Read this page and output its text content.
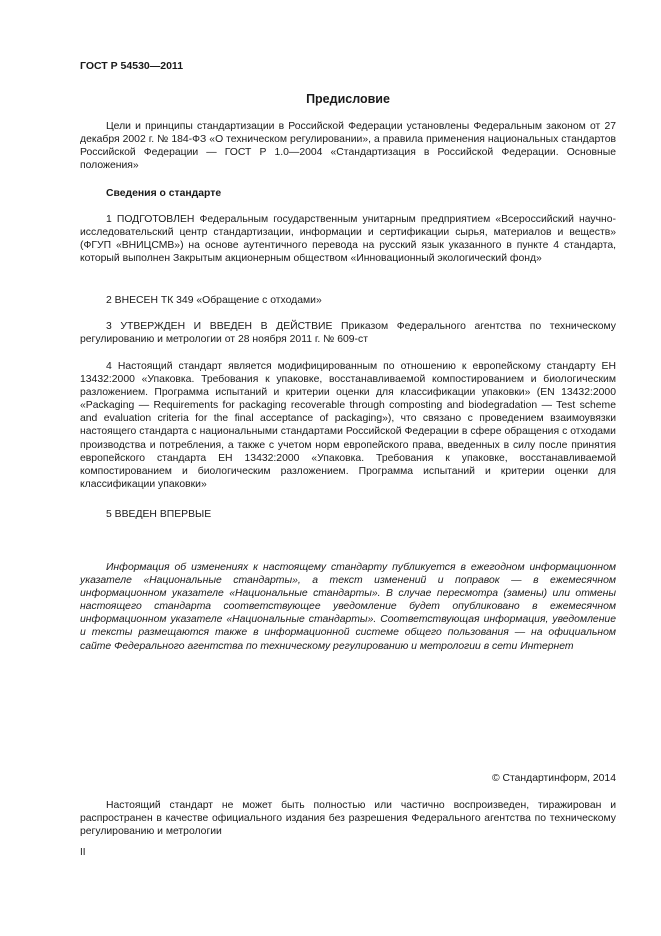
ГОСТ Р 54530—2011
Предисловие

Цели и принципы стандартизации в Российской Федерации установлены Федеральным законом от 27 декабря 2002 г. № 184-ФЗ «О техническом регулировании», а правила применения национальных стандартов Российской Федерации — ГОСТ Р 1.0—2004 «Стандартизация в Российской Федерации. Основные положения»

Сведения о стандарте

1 ПОДГОТОВЛЕН Федеральным государственным унитарным предприятием «Всероссийский научно-исследовательский центр стандартизации, информации и сертификации сырья, материалов и веществ» (ФГУП «ВНИЦСМВ») на основе аутентичного перевода на русский язык указанного в пункте 4 стандарта, который выполнен Закрытым акционерным обществом «Инновационный экологический фонд»

2 ВНЕСЕН ТК 349 «Обращение с отходами»

3 УТВЕРЖДЕН И ВВЕДЕН В ДЕЙСТВИЕ Приказом Федерального агентства по техническому регулированию и метрологии от 28 ноября 2011 г. № 609-ст

4 Настоящий стандарт является модифицированным по отношению к европейскому стандарту ЕН 13432:2000 «Упаковка. Требования к упаковке, восстанавливаемой компостированием и биологическим разложением. Программа испытаний и критерии оценки для классификации упаковки» (EN 13432:2000 «Packaging — Requirements for packaging recoverable through composting and biodegradation — Test scheme and evaluation criteria for the final acceptance of packaging»), что связано с проведением взаимоувязки настоящего стандарта с национальными стандартами Российской Федерации в сфере обращения с отходами производства и потребления, а также с учетом норм европейского права, введенных в силу после принятия европейского стандарта ЕН 13432:2000 «Упаковка. Требования к упаковке, восстанавливаемой компостированием и биологическим разложением. Программа испытаний и критерии оценки для классификации упаковки»

5 ВВЕДЕН ВПЕРВЫЕ

Информация об изменениях к настоящему стандарту публикуется в ежегодном информационном указателе «Национальные стандарты», а текст изменений и поправок — в ежемесячном информационном указателе «Национальные стандарты». В случае пересмотра (замены) или отмены настоящего стандарта соответствующее уведомление будет опубликовано в ежемесячном информационном указателе «Национальные стандарты». Соответствующая информация, уведомление и тексты размещаются также в информационной системе общего пользования — на официальном сайте Федерального агентства по техническому регулированию и метрологии в сети Интернет

© Стандартинформ, 2014

Настоящий стандарт не может быть полностью или частично воспроизведен, тиражирован и распространен в качестве официального издания без разрешения Федерального агентства по техническому регулированию и метрологии

II
